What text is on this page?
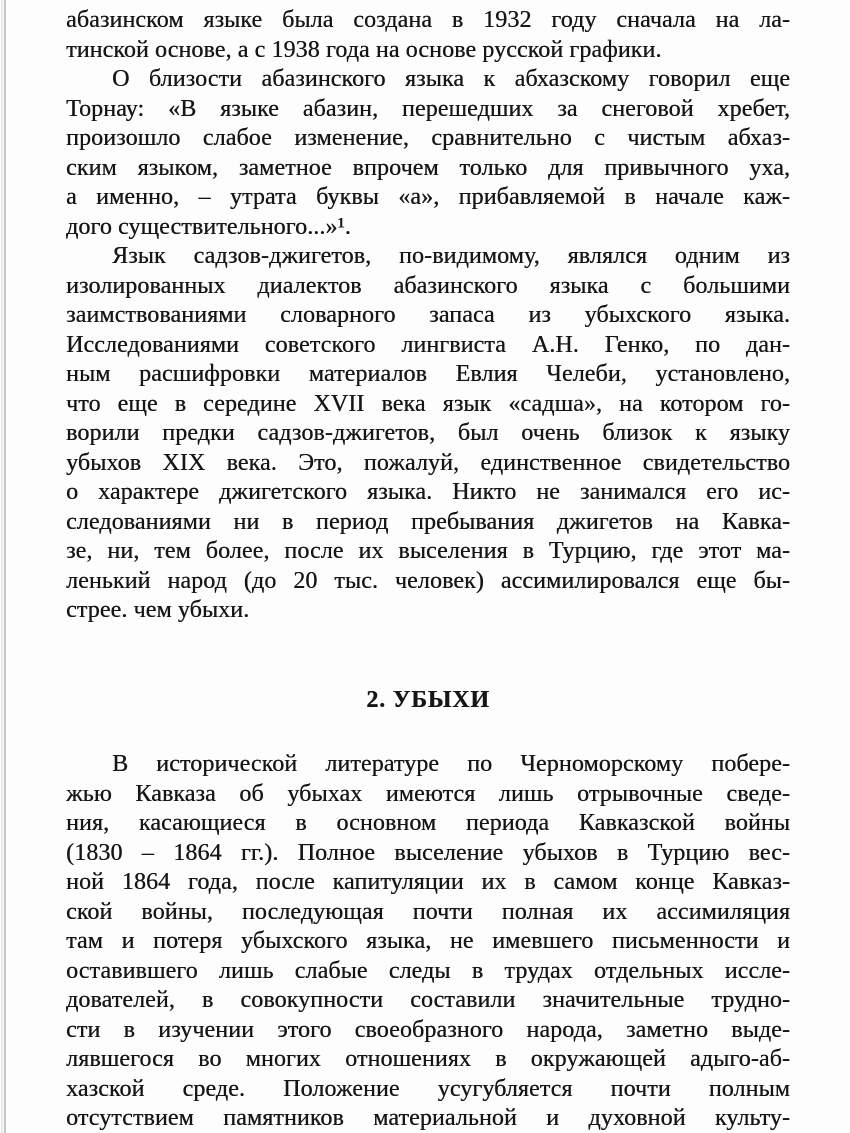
абазинском языке была создана в 1932 году сначала на ла-
тинской основе, а с 1938 года на основе русской графики.
О близости абазинского языка к абхазскому говорил еще
Торнау: «В языке абазин, перешедших за снеговой хребет,
произошло слабое изменение, сравнительно с чистым абхаз-
ским языком, заметное впрочем только для привычного уха,
а именно, – утрата буквы «а», прибавляемой в начале каж-
дого существительного...»¹.
Язык садзов-джигетов, по-видимому, являлся одним из
изолированных диалектов абазинского языка с большими
заимствованиями словарного запаса из убыхского языка.
Исследованиями советского лингвиста А.Н. Генко, по дан-
ным расшифровки материалов Евлия Челеби, установлено,
что еще в середине XVII века язык «садша», на котором го-
ворили предки садзов-джигетов, был очень близок к языку
убыхов XIX века. Это, пожалуй, единственное свидетельство
о характере джигетского языка. Никто не занимался его ис-
следованиями ни в период пребывания джигетов на Кавка-
зе, ни, тем более, после их выселения в Турцию, где этот ма-
ленький народ (до 20 тыс. человек) ассимилировался еще бы-
стрее. чем убыхи.
2. УБЫХИ
В исторической литературе по Черноморскому побере-
жью Кавказа об убыхах имеются лишь отрывочные сведе-
ния, касающиеся в основном периода Кавказской войны
(1830 – 1864 гг.). Полное выселение убыхов в Турцию вес-
ной 1864 года, после капитуляции их в самом конце Кавказ-
ской войны, последующая почти полная их ассимиляция
там и потеря убыхского языка, не имевшего письменности и
оставившего лишь слабые следы в трудах отдельных иссле-
дователей, в совокупности составили значительные трудно-
сти в изучении этого своеобразного народа, заметно выде-
лявшегося во многих отношениях в окружающей адыго-аб-
хазской среде. Положение усугубляется почти полным
отсутствием памятников материальной и духовной культу-
